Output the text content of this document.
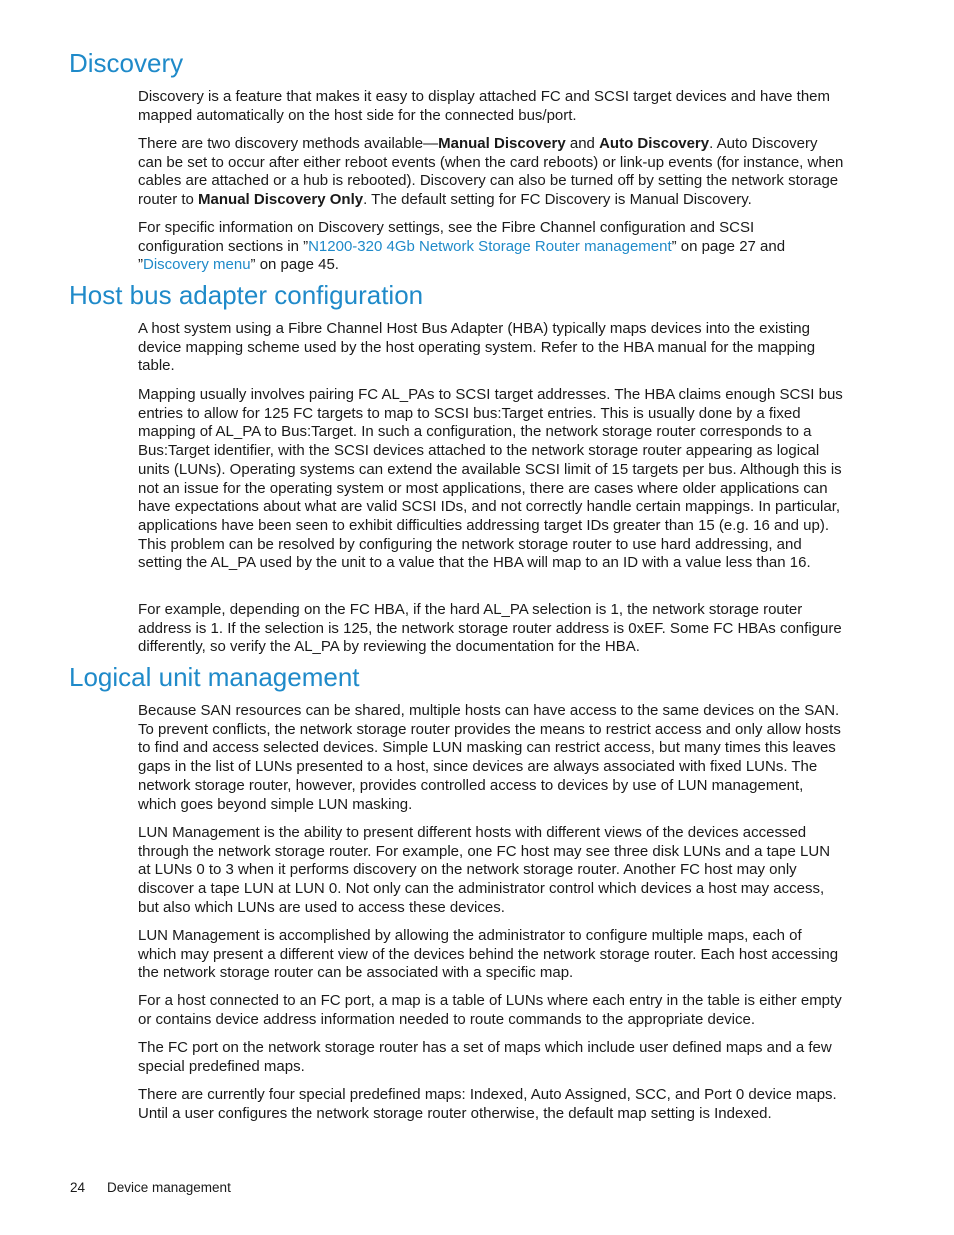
Discovery

Discovery is a feature that makes it easy to display attached FC and SCSI target devices and have them mapped automatically on the host side for the connected bus/port.

There are two discovery methods available—Manual Discovery and Auto Discovery. Auto Discovery can be set to occur after either reboot events (when the card reboots) or link-up events (for instance, when cables are attached or a hub is rebooted). Discovery can also be turned off by setting the network storage router to Manual Discovery Only. The default setting for FC Discovery is Manual Discovery.

For specific information on Discovery settings, see the Fibre Channel configuration and SCSI configuration sections in ”N1200-320 4Gb Network Storage Router management” on page 27 and ”Discovery menu” on page 45.

Host bus adapter configuration

A host system using a Fibre Channel Host Bus Adapter (HBA) typically maps devices into the existing device mapping scheme used by the host operating system. Refer to the HBA manual for the mapping table.

Mapping usually involves pairing FC AL_PAs to SCSI target addresses. The HBA claims enough SCSI bus entries to allow for 125 FC targets to map to SCSI bus:Target entries. This is usually done by a fixed mapping of AL_PA to Bus:Target. In such a configuration, the network storage router corresponds to a Bus:Target identifier, with the SCSI devices attached to the network storage router appearing as logical units (LUNs). Operating systems can extend the available SCSI limit of 15 targets per bus. Although this is not an issue for the operating system or most applications, there are cases where older applications can have expectations about what are valid SCSI IDs, and not correctly handle certain mappings. In particular, applications have been seen to exhibit difficulties addressing target IDs greater than 15 (e.g. 16 and up). This problem can be resolved by configuring the network storage router to use hard addressing, and setting the AL_PA used by the unit to a value that the HBA will map to an ID with a value less than 16.

For example, depending on the FC HBA, if the hard AL_PA selection is 1, the network storage router address is 1. If the selection is 125, the network storage router address is 0xEF. Some FC HBAs configure differently, so verify the AL_PA by reviewing the documentation for the HBA.

Logical unit management

Because SAN resources can be shared, multiple hosts can have access to the same devices on the SAN. To prevent conflicts, the network storage router provides the means to restrict access and only allow hosts to find and access selected devices. Simple LUN masking can restrict access, but many times this leaves gaps in the list of LUNs presented to a host, since devices are always associated with fixed LUNs. The network storage router, however, provides controlled access to devices by use of LUN management, which goes beyond simple LUN masking.

LUN Management is the ability to present different hosts with different views of the devices accessed through the network storage router. For example, one FC host may see three disk LUNs and a tape LUN at LUNs 0 to 3 when it performs discovery on the network storage router. Another FC host may only discover a tape LUN at LUN 0. Not only can the administrator control which devices a host may access, but also which LUNs are used to access these devices.

LUN Management is accomplished by allowing the administrator to configure multiple maps, each of which may present a different view of the devices behind the network storage router. Each host accessing the network storage router can be associated with a specific map.

For a host connected to an FC port, a map is a table of LUNs where each entry in the table is either empty or contains device address information needed to route commands to the appropriate device.

The FC port on the network storage router has a set of maps which include user defined maps and a few special predefined maps.

There are currently four special predefined maps: Indexed, Auto Assigned, SCC, and Port 0 device maps. Until a user configures the network storage router otherwise, the default map setting is Indexed.

24 Device management
